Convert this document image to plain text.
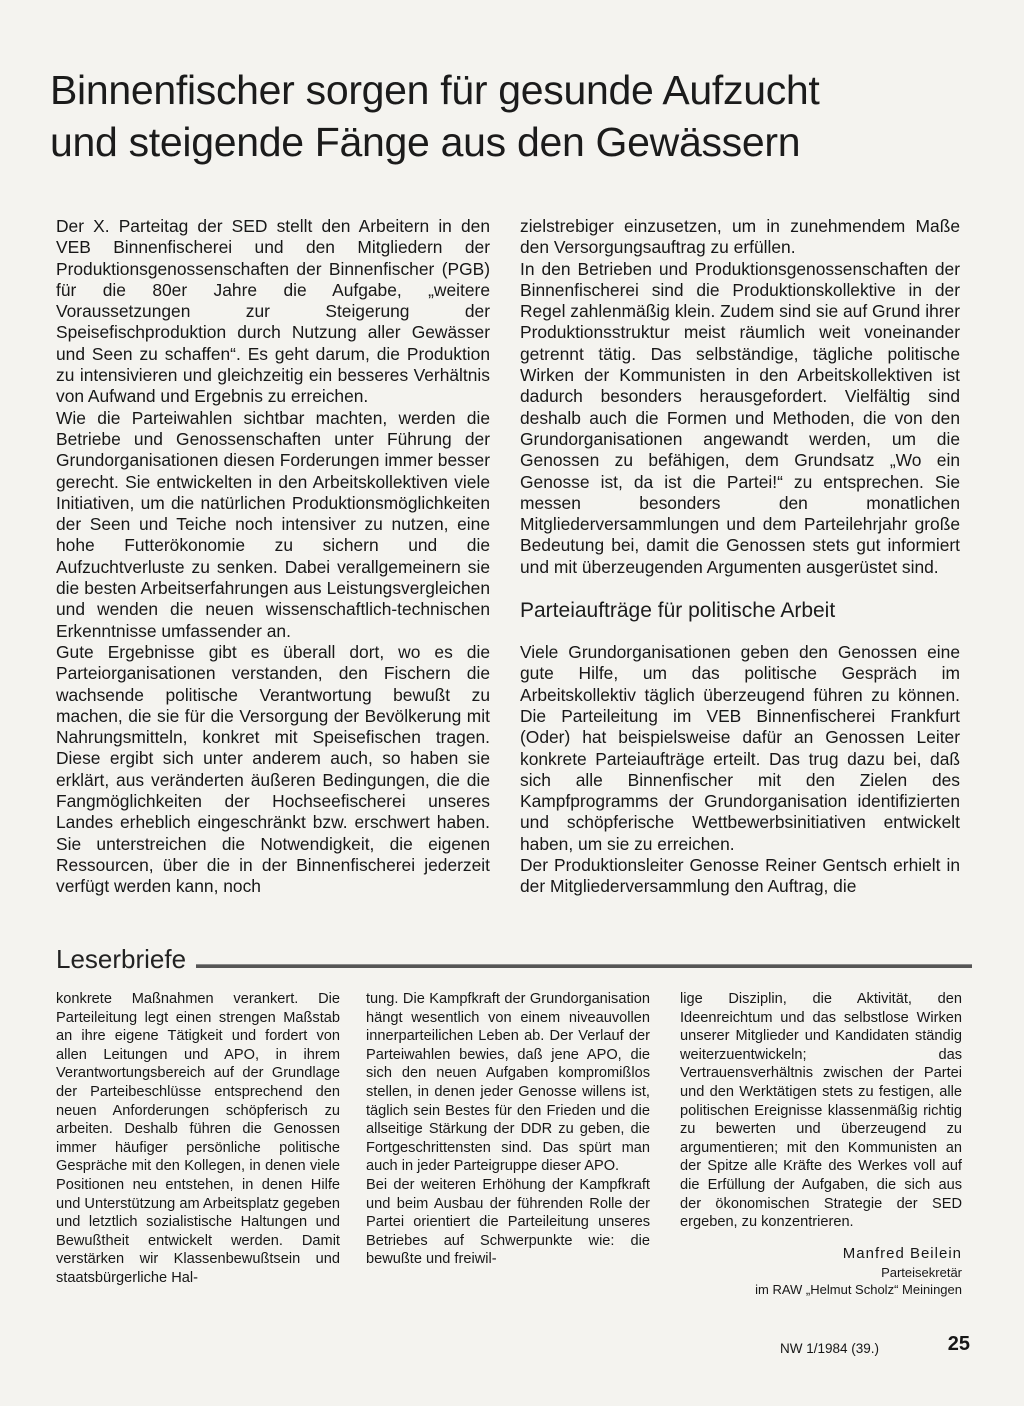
Binnenfischer sorgen für gesunde Aufzucht
und steigende Fänge aus den Gewässern

Der X. Parteitag der SED stellt den Arbeitern in den VEB Binnenfischerei und den Mitgliedern der Produktionsgenossenschaften der Binnenfischer (PGB) für die 80er Jahre die Aufgabe, „weitere Voraussetzungen zur Steigerung der Speisefischproduktion durch Nutzung aller Gewässer und Seen zu schaffen“. Es geht darum, die Produktion zu intensivieren und gleichzeitig ein besseres Verhältnis von Aufwand und Ergebnis zu erreichen.

Wie die Parteiwahlen sichtbar machten, werden die Betriebe und Genossenschaften unter Führung der Grundorganisationen diesen Forderungen immer besser gerecht. Sie entwickelten in den Arbeitskollektiven viele Initiativen, um die natürlichen Produktionsmöglichkeiten der Seen und Teiche noch intensiver zu nutzen, eine hohe Futterökonomie zu sichern und die Aufzuchtverluste zu senken. Dabei verallgemeinern sie die besten Arbeitserfahrungen aus Leistungsvergleichen und wenden die neuen wissenschaftlich-technischen Erkenntnisse umfassender an.

Gute Ergebnisse gibt es überall dort, wo es die Parteiorganisationen verstanden, den Fischern die wachsende politische Verantwortung bewußt zu machen, die sie für die Versorgung der Bevölkerung mit Nahrungsmitteln, konkret mit Speisefischen tragen. Diese ergibt sich unter anderem auch, so haben sie erklärt, aus veränderten äußeren Bedingungen, die die Fangmöglichkeiten der Hochseefischerei unseres Landes erheblich eingeschränkt bzw. erschwert haben. Sie unterstreichen die Notwendigkeit, die eigenen Ressourcen, über die in der Binnenfischerei jederzeit verfügt werden kann, noch

zielstrebiger einzusetzen, um in zunehmendem Maße den Versorgungsauftrag zu erfüllen.

In den Betrieben und Produktionsgenossenschaften der Binnenfischerei sind die Produktionskollektive in der Regel zahlenmäßig klein. Zudem sind sie auf Grund ihrer Produktionsstruktur meist räumlich weit voneinander getrennt tätig. Das selbständige, tägliche politische Wirken der Kommunisten in den Arbeitskollektiven ist dadurch besonders herausgefordert. Vielfältig sind deshalb auch die Formen und Methoden, die von den Grundorganisationen angewandt werden, um die Genossen zu befähigen, dem Grundsatz „Wo ein Genosse ist, da ist die Partei!“ zu entsprechen. Sie messen besonders den monatlichen Mitgliederversammlungen und dem Parteilehrjahr große Bedeutung bei, damit die Genossen stets gut informiert und mit überzeugenden Argumenten ausgerüstet sind.

Parteiaufträge für politische Arbeit

Viele Grundorganisationen geben den Genossen eine gute Hilfe, um das politische Gespräch im Arbeitskollektiv täglich überzeugend führen zu können. Die Parteileitung im VEB Binnenfischerei Frankfurt (Oder) hat beispielsweise dafür an Genossen Leiter konkrete Parteiaufträge erteilt. Das trug dazu bei, daß sich alle Binnenfischer mit den Zielen des Kampfprogramms der Grundorganisation identifizierten und schöpferische Wettbewerbsinitiativen entwickelt haben, um sie zu erreichen.

Der Produktionsleiter Genosse Reiner Gentsch erhielt in der Mitgliederversammlung den Auftrag, die

Leserbriefe

konkrete Maßnahmen verankert. Die Parteileitung legt einen strengen Maßstab an ihre eigene Tätigkeit und fordert von allen Leitungen und APO, in ihrem Verantwortungsbereich auf der Grundlage der Parteibeschlüsse entsprechend den neuen Anforderungen schöpferisch zu arbeiten. Deshalb führen die Genossen immer häufiger persönliche politische Gespräche mit den Kollegen, in denen viele Positionen neu entstehen, in denen Hilfe und Unterstützung am Arbeitsplatz gegeben und letztlich sozialistische Haltungen und Bewußtheit entwickelt werden. Damit verstärken wir Klassenbewußtsein und staatsbürgerliche Hal-

tung. Die Kampfkraft der Grundorganisation hängt wesentlich von einem niveauvollen innerparteilichen Leben ab. Der Verlauf der Parteiwahlen bewies, daß jene APO, die sich den neuen Aufgaben kompromißlos stellen, in denen jeder Genosse willens ist, täglich sein Bestes für den Frieden und die allseitige Stärkung der DDR zu geben, die Fortgeschrittensten sind. Das spürt man auch in jeder Parteigruppe dieser APO.

Bei der weiteren Erhöhung der Kampfkraft und beim Ausbau der führenden Rolle der Partei orientiert die Parteileitung unseres Betriebes auf Schwerpunkte wie: die bewußte und freiwil-

lige Disziplin, die Aktivität, den Ideenreichtum und das selbstlose Wirken unserer Mitglieder und Kandidaten ständig weiterzuentwickeln; das Vertrauensverhältnis zwischen der Partei und den Werktätigen stets zu festigen, alle politischen Ereignisse klassenmäßig richtig zu bewerten und überzeugend zu argumentieren; mit den Kommunisten an der Spitze alle Kräfte des Werkes voll auf die Erfüllung der Aufgaben, die sich aus der ökonomischen Strategie der SED ergeben, zu konzentrieren.

Manfred Beilein
Parteisekretär
im RAW „Helmut Scholz“ Meiningen
NW 1/1984 (39.)	25
